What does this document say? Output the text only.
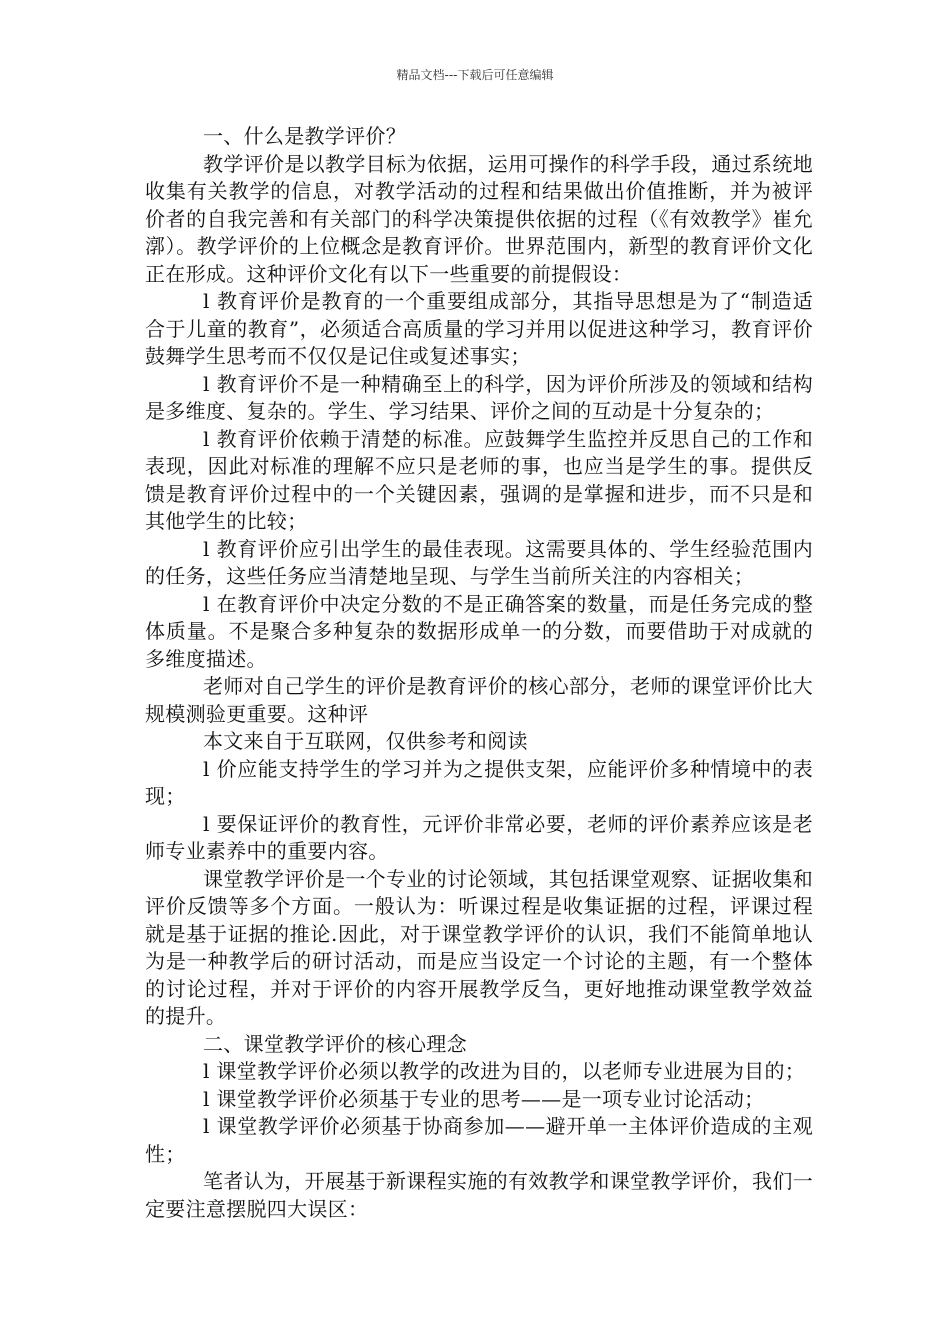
精品文档---下载后可任意编辑

一、什么是教学评价？

教学评价是以教学目标为依据，运用可操作的科学手段，通过系统地收集有关教学的信息，对教学活动的过程和结果做出价值推断，并为被评价者的自我完善和有关部门的科学决策提供依据的过程（《有效教学》崔允漷）。教学评价的上位概念是教育评价。世界范围内，新型的教育评价文化正在形成。这种评价文化有以下一些重要的前提假设：

l 教育评价是教育的一个重要组成部分，其指导思想是为了“制造适合于儿童的教育”，必须适合高质量的学习并用以促进这种学习，教育评价鼓舞学生思考而不仅仅是记住或复述事实；

l 教育评价不是一种精确至上的科学，因为评价所涉及的领域和结构是多维度、复杂的。学生、学习结果、评价之间的互动是十分复杂的；

l 教育评价依赖于清楚的标准。应鼓舞学生监控并反思自己的工作和表现，因此对标准的理解不应只是老师的事，也应当是学生的事。提供反馈是教育评价过程中的一个关键因素，强调的是掌握和进步，而不只是和其他学生的比较；

l 教育评价应引出学生的最佳表现。这需要具体的、学生经验范围内的任务，这些任务应当清楚地呈现、与学生当前所关注的内容相关；

l 在教育评价中决定分数的不是正确答案的数量，而是任务完成的整体质量。不是聚合多种复杂的数据形成单一的分数，而要借助于对成就的多维度描述。

老师对自己学生的评价是教育评价的核心部分，老师的课堂评价比大规模测验更重要。这种评

本文来自于互联网，仅供参考和阅读

l 价应能支持学生的学习并为之提供支架，应能评价多种情境中的表现；

l 要保证评价的教育性，元评价非常必要，老师的评价素养应该是老师专业素养中的重要内容。

课堂教学评价是一个专业的讨论领域，其包括课堂观察、证据收集和评价反馈等多个方面。一般认为：听课过程是收集证据的过程，评课过程就是基于证据的推论.因此，对于课堂教学评价的认识，我们不能简单地认为是一种教学后的研讨活动，而是应当设定一个讨论的主题，有一个整体的讨论过程，并对于评价的内容开展教学反刍，更好地推动课堂教学效益的提升。

二、课堂教学评价的核心理念

l 课堂教学评价必须以教学的改进为目的，以老师专业进展为目的；

l 课堂教学评价必须基于专业的思考——是一项专业讨论活动；

l 课堂教学评价必须基于协商参加——避开单一主体评价造成的主观性；

笔者认为，开展基于新课程实施的有效教学和课堂教学评价，我们一定要注意摆脱四大误区：
